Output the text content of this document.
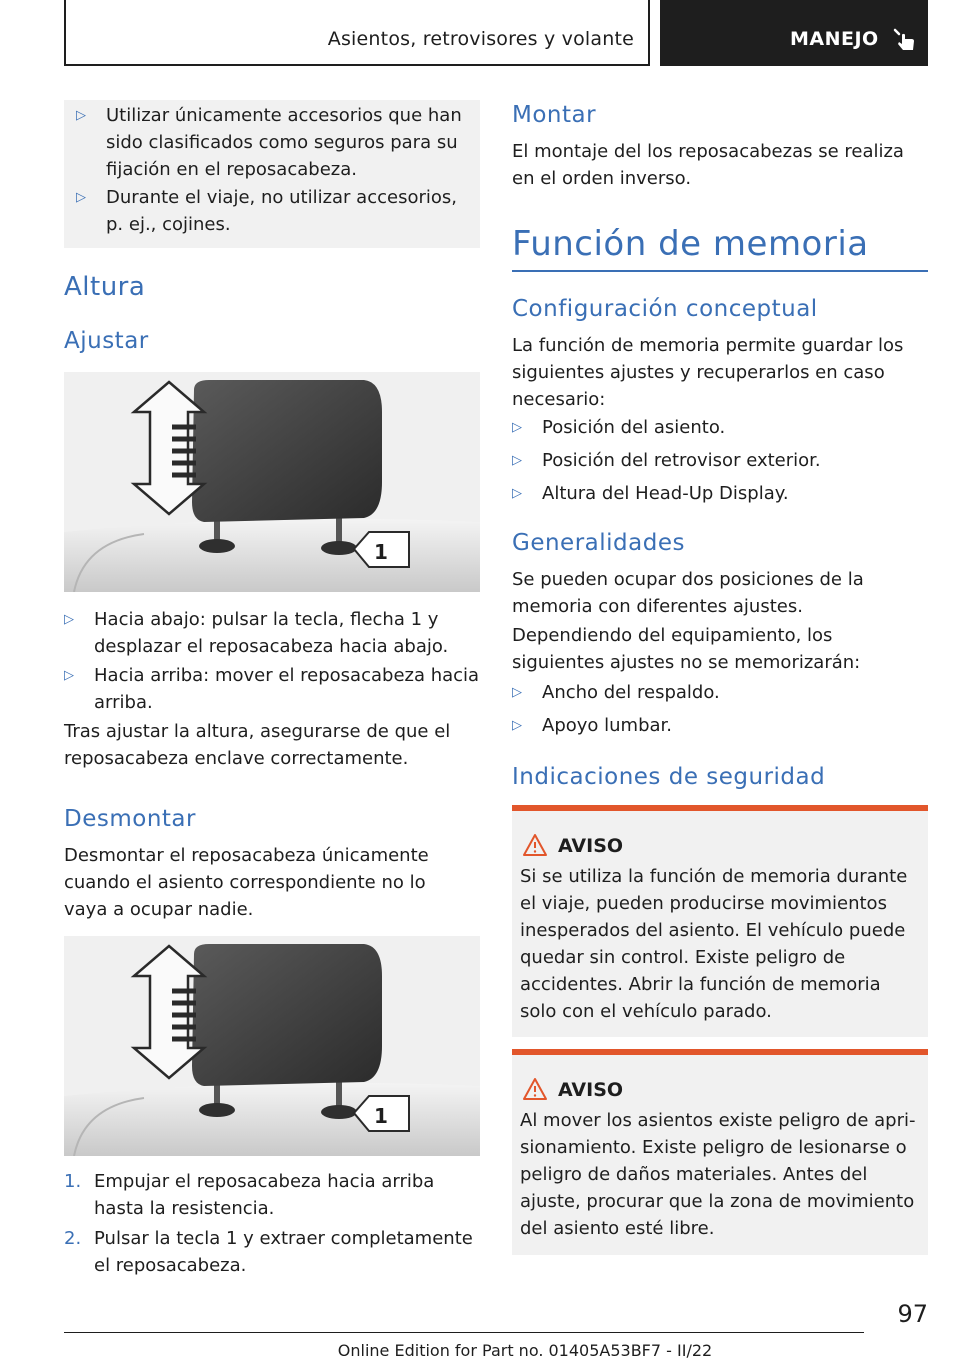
Asientos, retrovisores y volante	MANEJO
▷	Utilizar únicamente accesorios que han sido clasificados como seguros para su fijación en el reposacabeza.
▷	Durante el viaje, no utilizar accesorios, p. ej., cojines.
Altura
Ajustar
1
▷	Hacia abajo: pulsar la tecla, flecha 1 y desplazar el reposacabeza hacia abajo.
▷	Hacia arriba: mover el reposacabeza hacia arriba.
Tras ajustar la altura, asegurarse de que el reposacabeza enclave correctamente.
Desmontar
Desmontar el reposacabeza únicamente cuando el asiento correspondiente no lo vaya a ocupar nadie.
1
1. Empujar el reposacabeza hacia arriba hasta la resistencia.
2. Pulsar la tecla 1 y extraer completamente el reposacabeza.
Montar
El montaje del los reposacabezas se realiza en el orden inverso.
Función de memoria
Configuración conceptual
La función de memoria permite guardar los siguientes ajustes y recuperarlos en caso necesario:
▷	Posición del asiento.
▷	Posición del retrovisor exterior.
▷	Altura del Head-Up Display.
Generalidades
Se pueden ocupar dos posiciones de la memoria con diferentes ajustes.
Dependiendo del equipamiento, los siguientes ajustes no se memorizarán:
▷	Ancho del respaldo.
▷	Apoyo lumbar.
Indicaciones de seguridad
AVISO
Si se utiliza la función de memoria durante el viaje, pueden producirse movimientos inesperados del asiento. El vehículo puede quedar sin control. Existe peligro de accidentes. Abrir la función de memoria solo con el vehículo parado.
AVISO
Al mover los asientos existe peligro de aprisionamiento. Existe peligro de lesionarse o peligro de daños materiales. Antes del ajuste, procurar que la zona de movimiento del asiento esté libre.
97
Online Edition for Part no. 01405A53BF7 - II/22
